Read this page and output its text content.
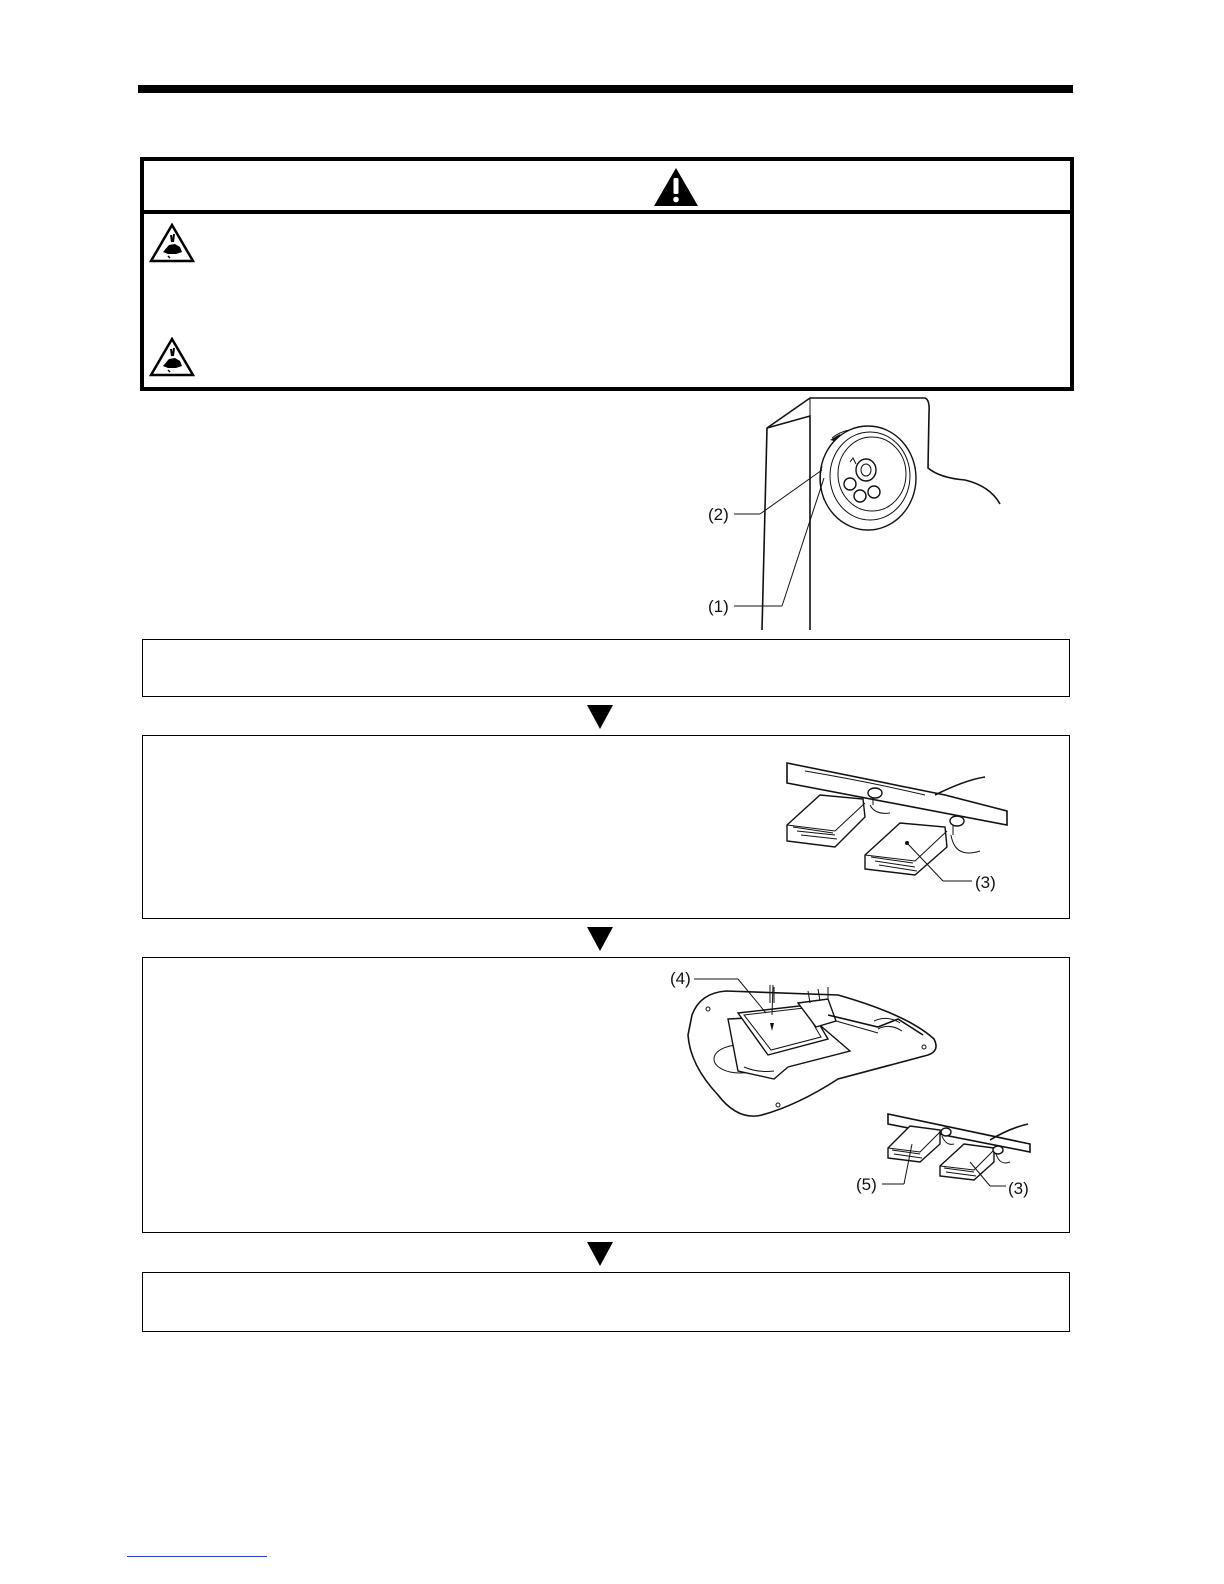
(2)
(1)
(3)
(4)
(5)	(3)
